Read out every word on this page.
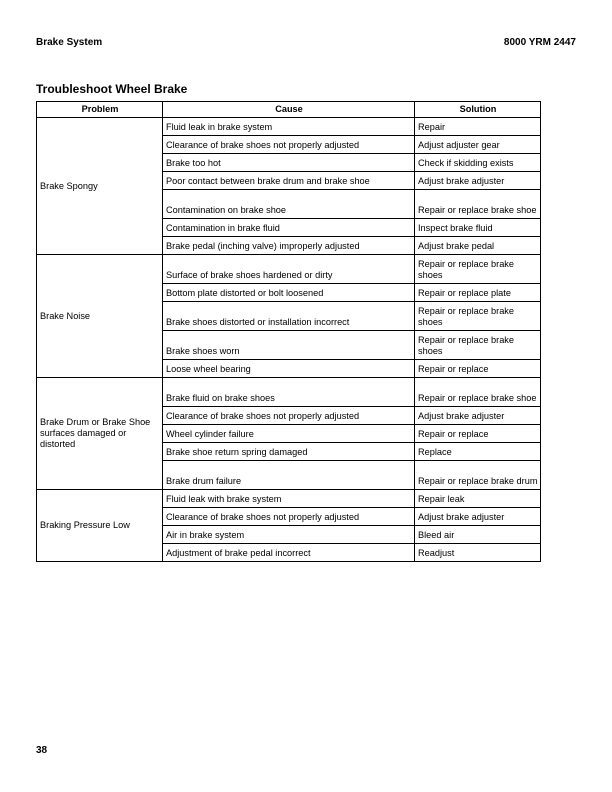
Brake System	8000 YRM 2447
Troubleshoot Wheel Brake
Problem	Cause	Solution
Brake Spongy	Fluid leak in brake system	Repair
	Clearance of brake shoes not properly adjusted	Adjust adjuster gear
	Brake too hot	Check if skidding exists
	Poor contact between brake drum and brake shoe	Adjust brake adjuster
	Contamination on brake shoe	Repair or replace brake shoe
	Contamination in brake fluid	Inspect brake fluid
	Brake pedal (inching valve) improperly adjusted	Adjust brake pedal
Brake Noise	Surface of brake shoes hardened or dirty	Repair or replace brake shoes
	Bottom plate distorted or bolt loosened	Repair or replace plate
	Brake shoes distorted or installation incorrect	Repair or replace brake shoes
	Brake shoes worn	Repair or replace brake shoes
	Loose wheel bearing	Repair or replace
Brake Drum or Brake Shoe surfaces damaged or distorted	Brake fluid on brake shoes	Repair or replace brake shoe
	Clearance of brake shoes not properly adjusted	Adjust brake adjuster
	Wheel cylinder failure	Repair or replace
	Brake shoe return spring damaged	Replace
	Brake drum failure	Repair or replace brake drum
Braking Pressure Low	Fluid leak with brake system	Repair leak
	Clearance of brake shoes not properly adjusted	Adjust brake adjuster
	Air in brake system	Bleed air
	Adjustment of brake pedal incorrect	Readjust
38
